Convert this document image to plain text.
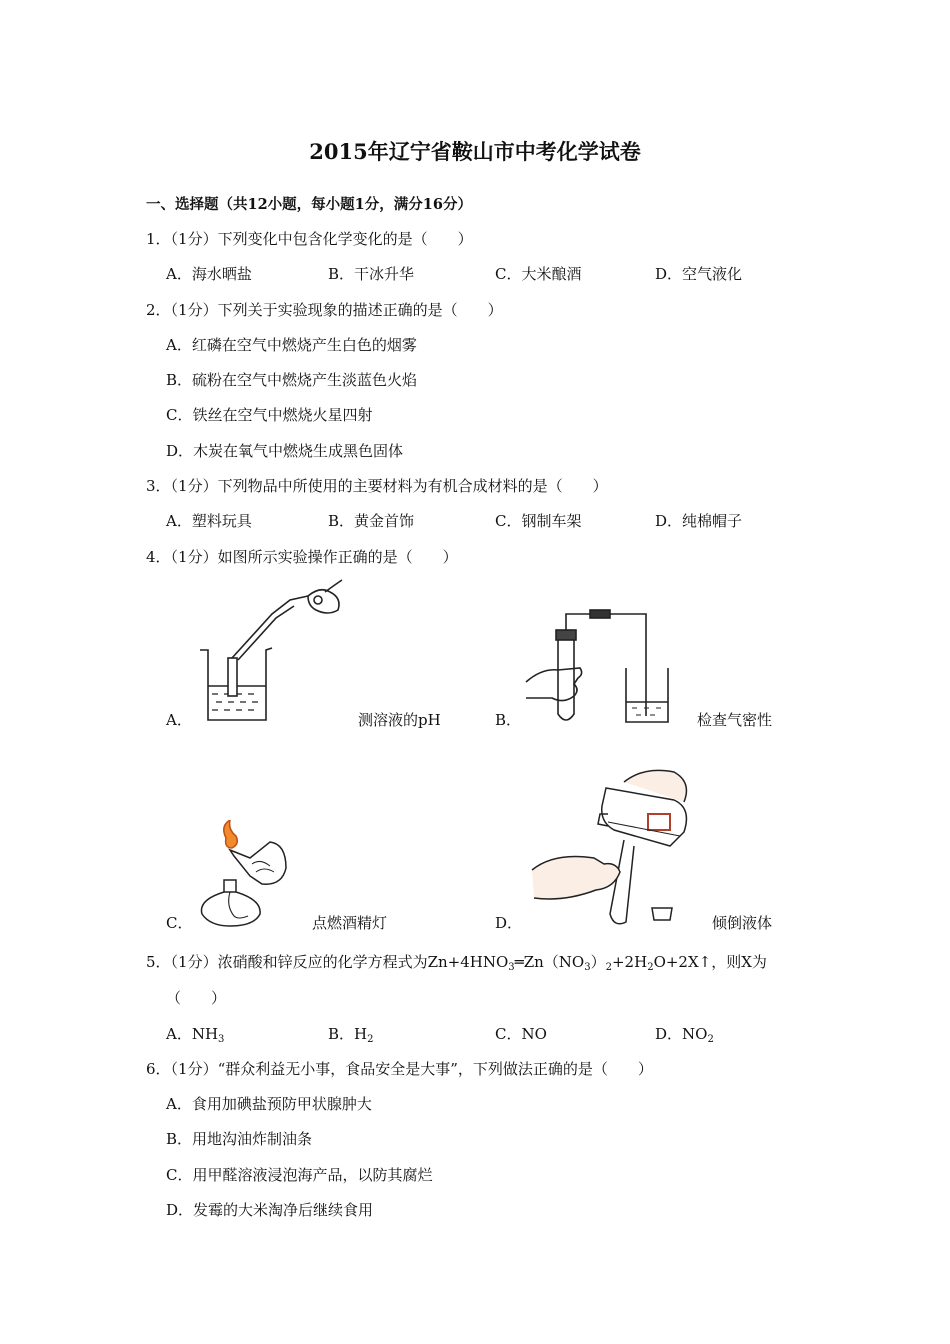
2015年辽宁省鞍山市中考化学试卷
一、选择题（共12小题，每小题1分，满分16分）
1．（1分）下列变化中包含化学变化的是（　　）
A．海水晒盐	B．干冰升华	C．大米酿酒	D．空气液化
2．（1分）下列关于实验现象的描述正确的是（　　）
A．红磷在空气中燃烧产生白色的烟雾
B．硫粉在空气中燃烧产生淡蓝色火焰
C．铁丝在空气中燃烧火星四射
D．木炭在氧气中燃烧生成黑色固体
3．（1分）下列物品中所使用的主要材料为有机合成材料的是（　　）
A．塑料玩具	B．黄金首饰	C．钢制车架	D．纯棉帽子
4．（1分）如图所示实验操作正确的是（　　）
A．	测溶液的pH	B．	检查气密性
C．	点燃酒精灯	D．	倾倒液体
5．（1分）浓硝酸和锌反应的化学方程式为$Zn+4HNO_3═Zn(NO_3)_2+2H_2O+2X↑$，则X为
（　　）
A．$NH_3$	B．$H_2$	C．NO	D．$NO_2$
6．（1分）“群众利益无小事，食品安全是大事”，下列做法正确的是（　　）
A．食用加碘盐预防甲状腺肿大
B．用地沟油炸制油条
C．用甲醛溶液浸泡海产品，以防其腐烂
D．发霉的大米淘净后继续食用
